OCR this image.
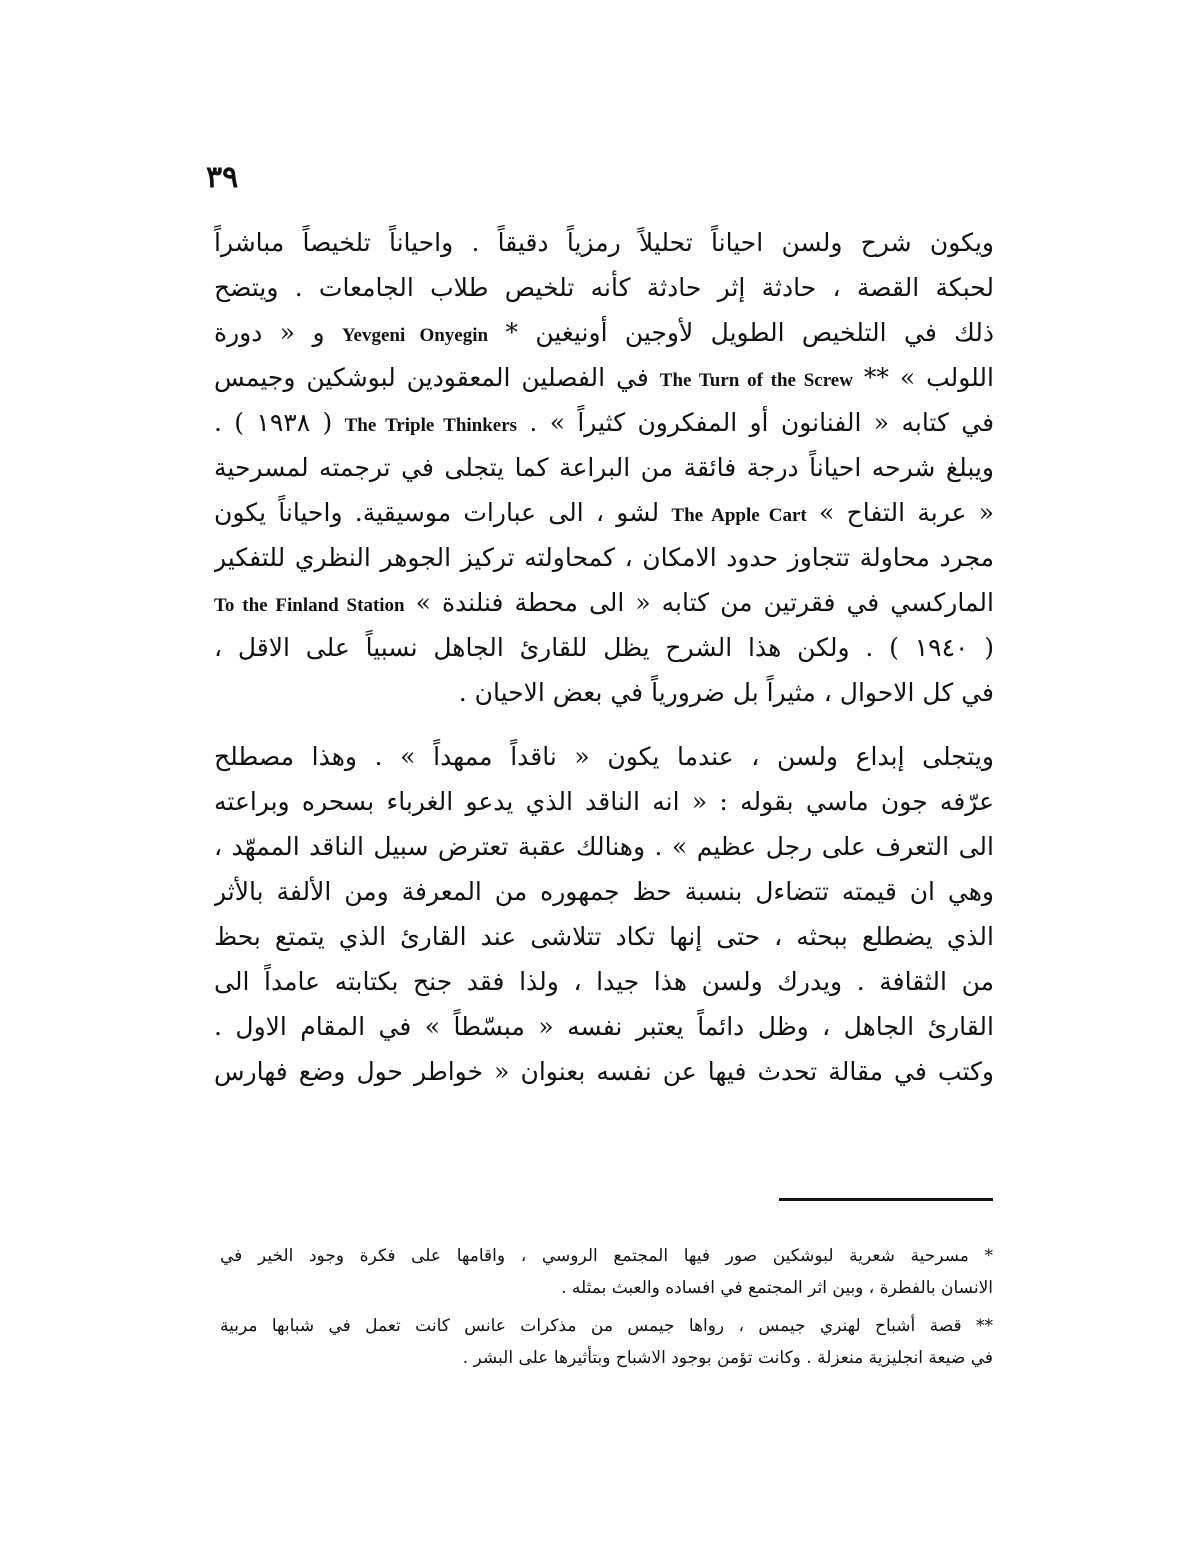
٣٩
ويكون شرح ولسن احياناً تحليلاً رمزياً دقيقاً . واحياناً تلخيصاً مباشراً
لحبكة القصة ، حادثة إثر حادثة كأنه تلخيص طلاب الجامعات . ويتضح
ذلك في التلخيص الطويل لأوجين أونيغين * Yevgeni Onyegin و « دورة
اللولب » ** The Turn of the Screw في الفصلين المعقودين لبوشكين وجيمس
في كتابه « الفنانون أو المفكرون كثيراً » . The Triple Thinkers ( ١٩٣٨ ) .
ويبلغ شرحه احياناً درجة فائقة من البراعة كما يتجلى في ترجمته لمسرحية
« عربة التفاح » The Apple Cart لشو ، الى عبارات موسيقية. واحياناً يكون
مجرد محاولة تتجاوز حدود الامكان ، كمحاولته تركيز الجوهر النظري للتفكير
الماركسي في فقرتين من كتابه « الى محطة فنلندة » To the Finland Station
( ١٩٤٠ ) . ولكن هذا الشرح يظل للقارئ الجاهل نسبياً على الاقل ،
في كل الاحوال ، مثيراً بل ضرورياً في بعض الاحيان .
ويتجلى إبداع ولسن ، عندما يكون « ناقداً ممهداً » . وهذا مصطلح
عرّفه جون ماسي بقوله : « انه الناقد الذي يدعو الغرباء بسحره وبراعته
الى التعرف على رجل عظيم » . وهنالك عقبة تعترض سبيل الناقد الممهّد ،
وهي ان قيمته تتضاءل بنسبة حظ جمهوره من المعرفة ومن الألفة بالأثر
الذي يضطلع ببحثه ، حتى إنها تكاد تتلاشى عند القارئ الذي يتمتع بحظ
من الثقافة . ويدرك ولسن هذا جيدا ، ولذا فقد جنح بكتابته عامداً الى
القارئ الجاهل ، وظل دائماً يعتبر نفسه « مبسّطاً » في المقام الاول .
وكتب في مقالة تحدث فيها عن نفسه بعنوان « خواطر حول وضع فهارس
* مسرحية شعرية لبوشكين صور فيها المجتمع الروسي ، واقامها على فكرة وجود الخير في
الانسان بالفطرة ، وبين اثر المجتمع في افساده والعبث بمثله .
** قصة أشباح لهنري جيمس ، رواها جيمس من مذكرات عانس كانت تعمل في شبابها مربية
في ضيعة انجليزية منعزلة . وكانت تؤمن بوجود الاشباح وبتأثيرها على البشر .
